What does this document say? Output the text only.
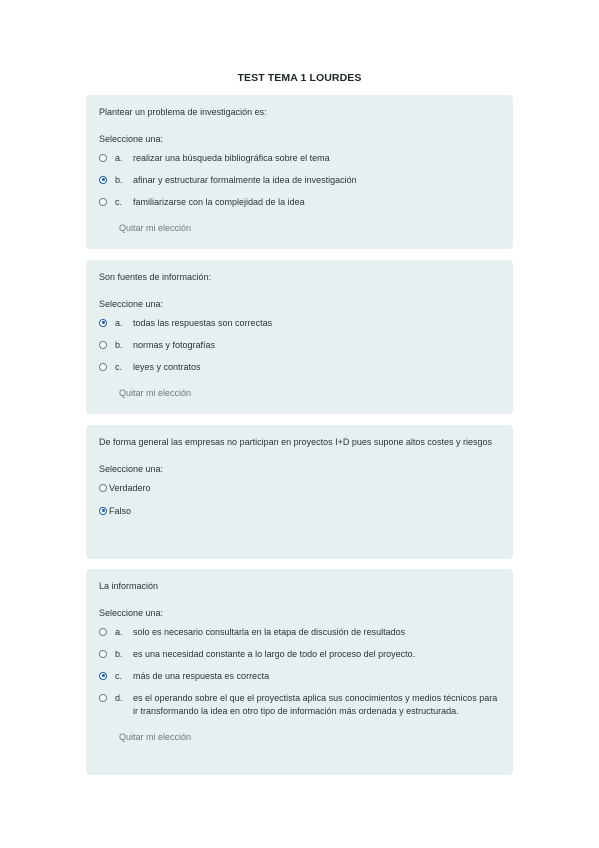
TEST TEMA 1 LOURDES
Plantear un problema de investigación es:
Seleccione una:
a.	realizar una búsqueda bibliográfica sobre el tema
b.	afinar y estructurar formalmente la idea de investigación
c.	familiarizarse con la complejidad de la idea
Quitar mi elección
Son fuentes de información:
Seleccione una:
a.	todas las respuestas son correctas
b.	normas y fotografías
c.	leyes y contratos
Quitar mi elección
De forma general las empresas no participan en proyectos I+D pues supone altos costes y riesgos
Seleccione una:
Verdadero
Falso
La información
Seleccione una:
a.	solo es necesario consultarla en la etapa de discusión de resultados
b.	es una necesidad constante a lo largo de todo el proceso del proyecto.
c.	más de una respuesta es correcta
d.	es el operando sobre el que el proyectista aplica sus conocimientos y medios técnicos para ir transformando la idea en otro tipo de información más ordenada y estructurada.
Quitar mi elección
